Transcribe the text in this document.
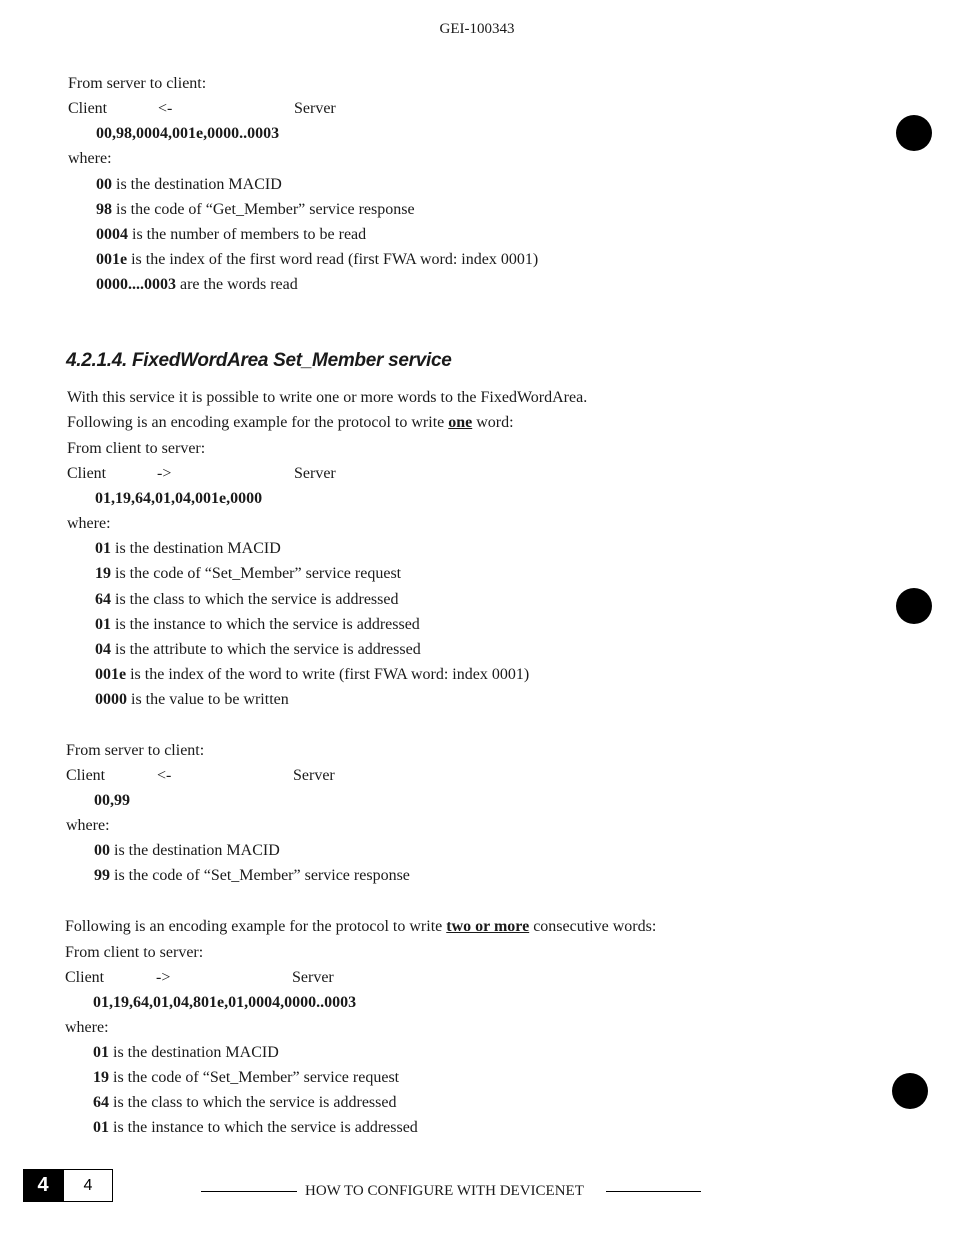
GEI-100343
4.2.1.4. FixedWordArea Set_Member service
From server to client:
Client	<-	Server
00,98,0004,001e,0000..0003
where:
00 is the destination MACID
98 is the code of “Get_Member” service response
0004 is the number of members to be read
001e is the index of the first word read (first FWA word: index 0001)
0000....0003 are the words read
With this service it is possible to write one or more words to the FixedWordArea.
Following is an encoding example for the protocol to write one word:
From client to server:
Client	->	Server
01,19,64,01,04,001e,0000
where:
01 is the destination MACID
19 is the code of “Set_Member” service request
64 is the class to which the service is addressed
01 is the instance to which the service is addressed
04 is the attribute to which the service is addressed
001e is the index of the word to write (first FWA word: index 0001)
0000 is the value to be written
From server to client:
Client	<-	Server
00,99
where:
00 is the destination MACID
99 is the code of “Set_Member” service response
Following is an encoding example for the protocol to write two or more consecutive words:
From client to server:
Client	->	Server
01,19,64,01,04,801e,01,0004,0000..0003
where:
01 is the destination MACID
19 is the code of “Set_Member” service request
64 is the class to which the service is addressed
01 is the instance to which the service is addressed
4	4	HOW TO CONFIGURE WITH DEVICENET
